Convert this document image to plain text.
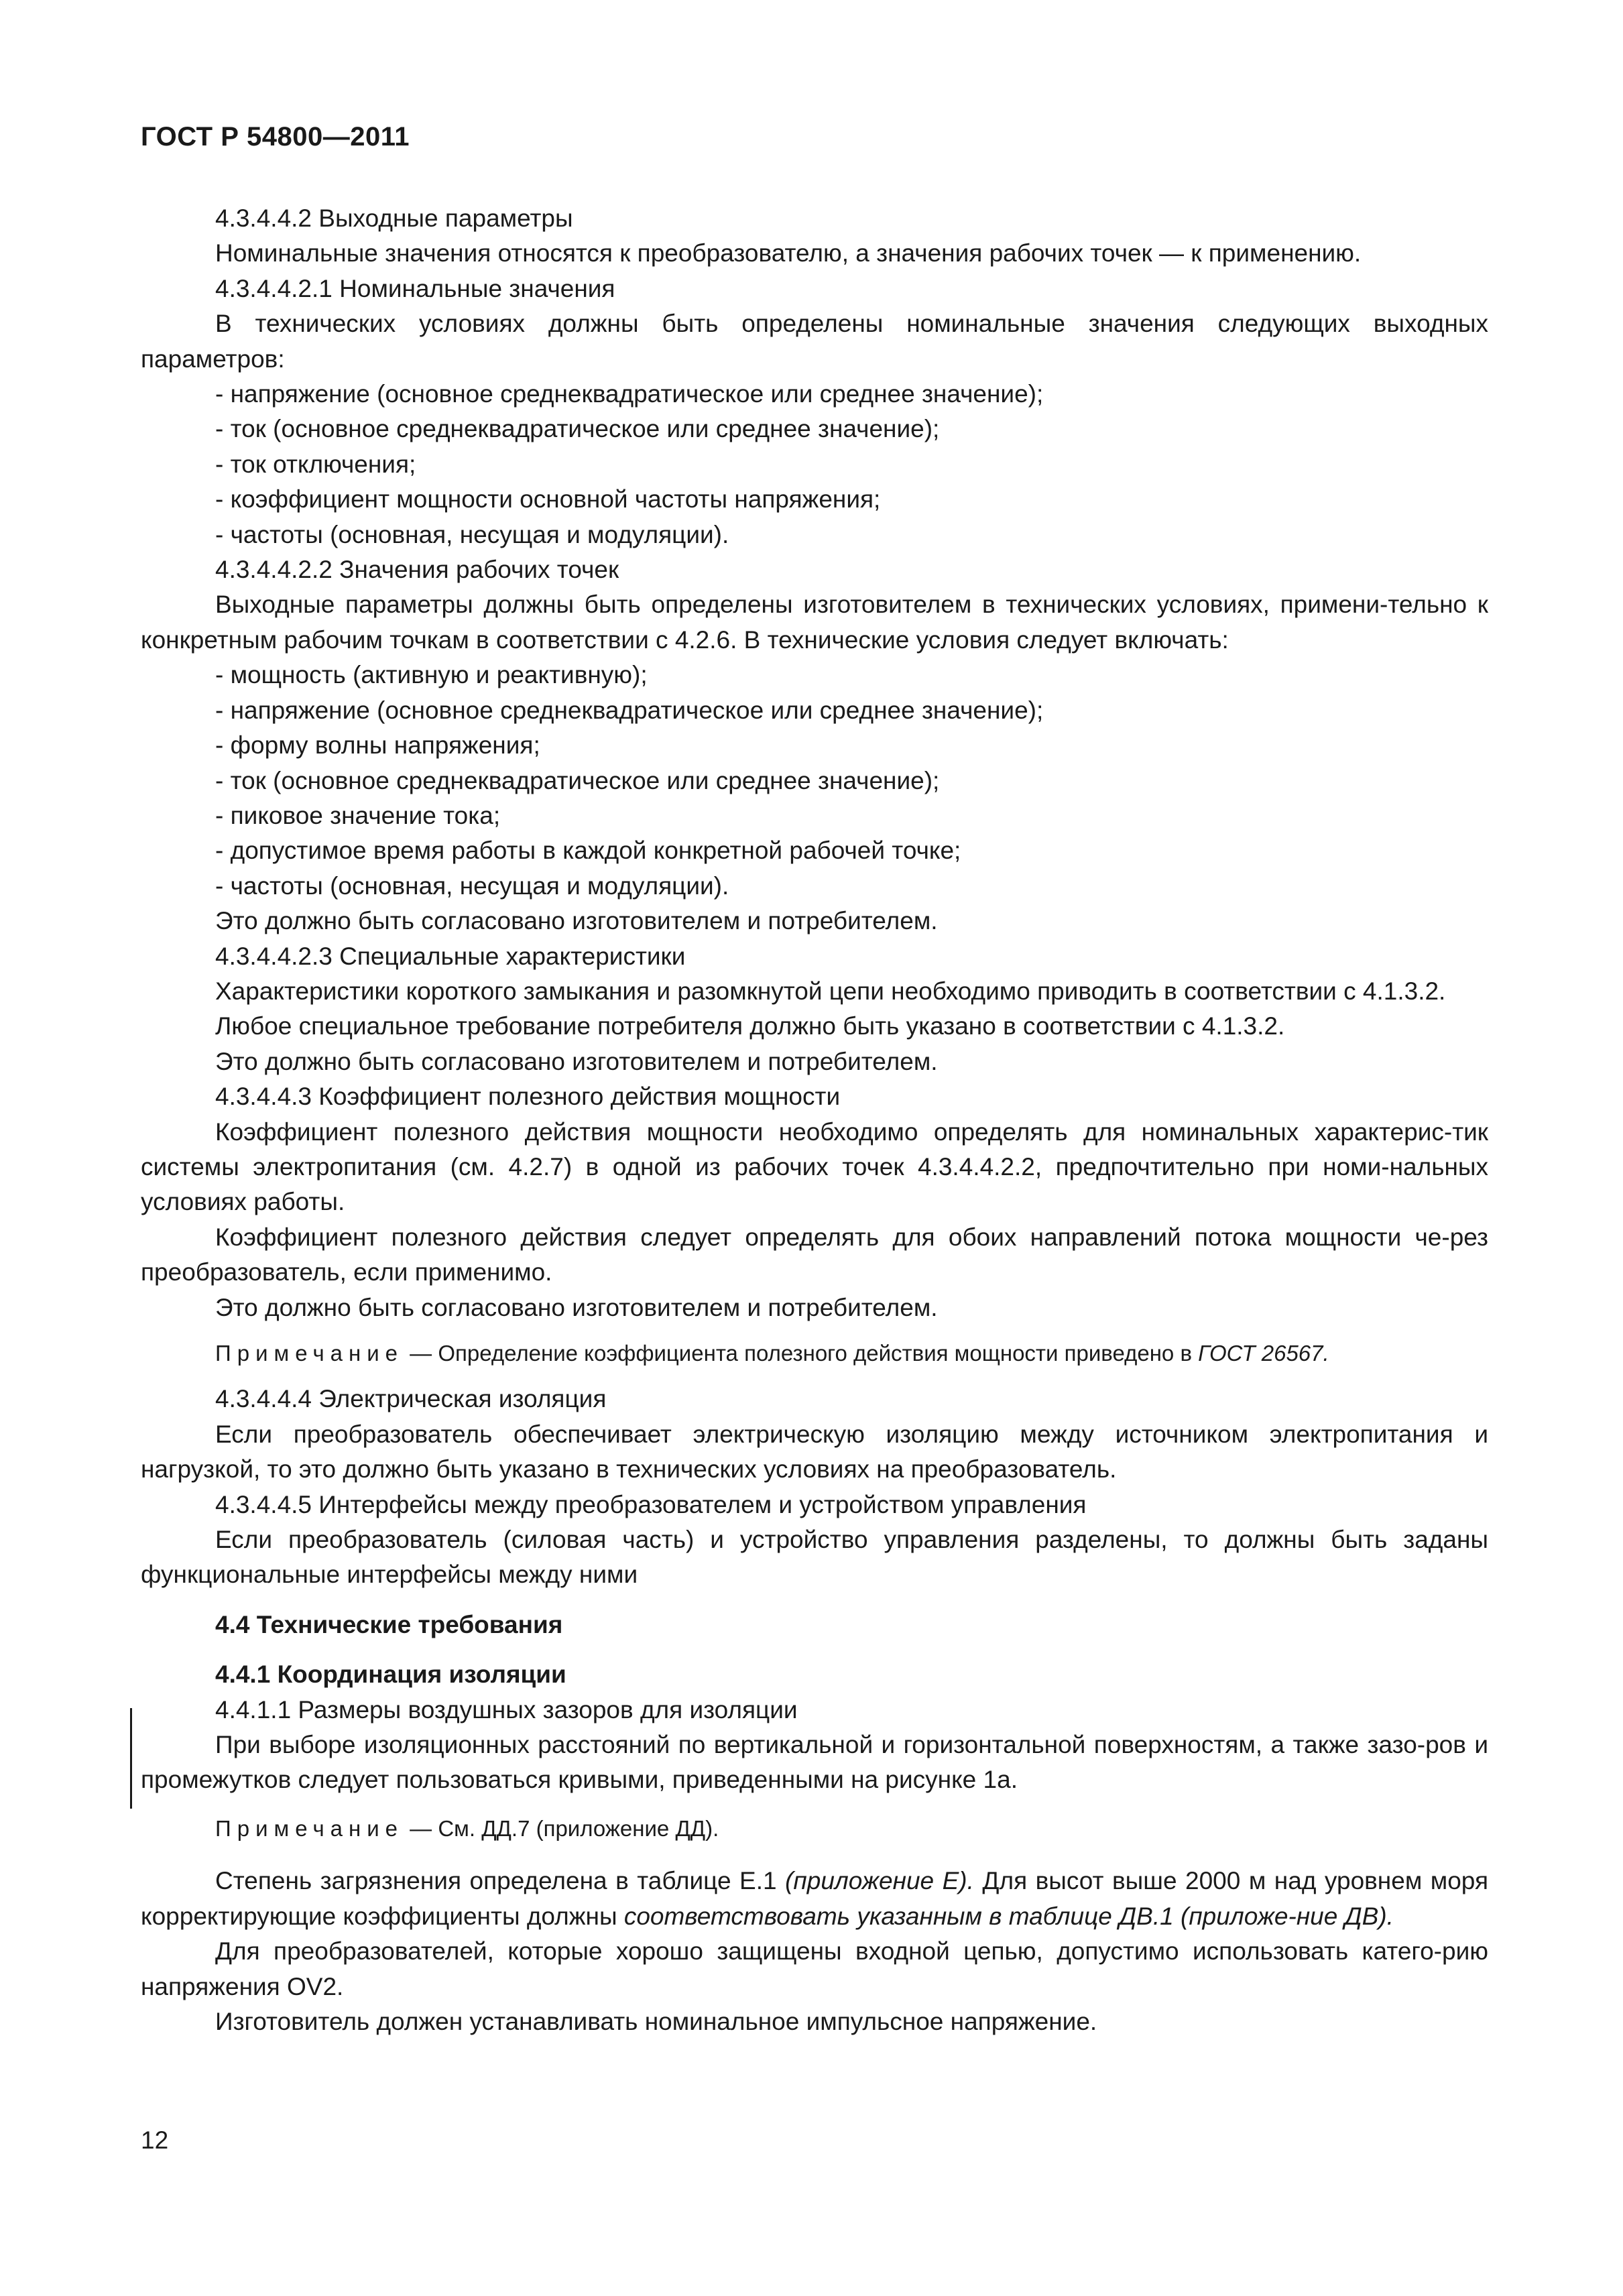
ГОСТ Р 54800—2011

4.3.4.4.2 Выходные параметры

Номинальные значения относятся к преобразователю, а значения рабочих точек — к применению.

4.3.4.4.2.1 Номинальные значения

В технических условиях должны быть определены номинальные значения следующих выходных параметров:

- напряжение (основное среднеквадратическое или среднее значение);

- ток (основное среднеквадратическое или среднее значение);

- ток отключения;

- коэффициент мощности основной частоты напряжения;

- частоты (основная, несущая и модуляции).

4.3.4.4.2.2 Значения рабочих точек

Выходные параметры должны быть определены изготовителем в технических условиях, примени-тельно к конкретным рабочим точкам в соответствии с 4.2.6. В технические условия следует включать:

- мощность (активную и реактивную);

- напряжение (основное среднеквадратическое или среднее значение);

- форму волны напряжения;

- ток (основное среднеквадратическое или среднее значение);

- пиковое значение тока;

- допустимое время работы в каждой конкретной рабочей точке;

- частоты (основная, несущая и модуляции).

Это должно быть согласовано изготовителем и потребителем.

4.3.4.4.2.3 Специальные характеристики

Характеристики короткого замыкания и разомкнутой цепи необходимо приводить в соответствии с 4.1.3.2.

Любое специальное требование потребителя должно быть указано в соответствии с 4.1.3.2.

Это должно быть согласовано изготовителем и потребителем.

4.3.4.4.3 Коэффициент полезного действия мощности

Коэффициент полезного действия мощности необходимо определять для номинальных характерис-тик системы электропитания (см. 4.2.7) в одной из рабочих точек 4.3.4.4.2.2, предпочтительно при номи-нальных условиях работы.

Коэффициент полезного действия следует определять для обоих направлений потока мощности че-рез преобразователь, если применимо.

Это должно быть согласовано изготовителем и потребителем.

Примечание — Определение коэффициента полезного действия мощности приведено в ГОСТ 26567.

4.3.4.4.4 Электрическая изоляция

Если преобразователь обеспечивает электрическую изоляцию между источником электропитания и нагрузкой, то это должно быть указано в технических условиях на преобразователь.

4.3.4.4.5 Интерфейсы между преобразователем и устройством управления

Если преобразователь (силовая часть) и устройство управления разделены, то должны быть заданы функциональные интерфейсы между ними

4.4 Технические требования

4.4.1 Координация изоляции

4.4.1.1 Размеры воздушных зазоров для изоляции

При выборе изоляционных расстояний по вертикальной и горизонтальной поверхностям, а также зазо-ров и промежутков следует пользоваться кривыми, приведенными на рисунке 1а.

Примечание — См. ДД.7 (приложение ДД).

Степень загрязнения определена в таблице Е.1 (приложение Е). Для высот выше 2000 м над уровнем моря корректирующие коэффициенты должны соответствовать указанным в таблице ДВ.1 (приложе-ние ДВ).

Для преобразователей, которые хорошо защищены входной цепью, допустимо использовать катего-рию напряжения OV2.

Изготовитель должен устанавливать номинальное импульсное напряжение.

12
